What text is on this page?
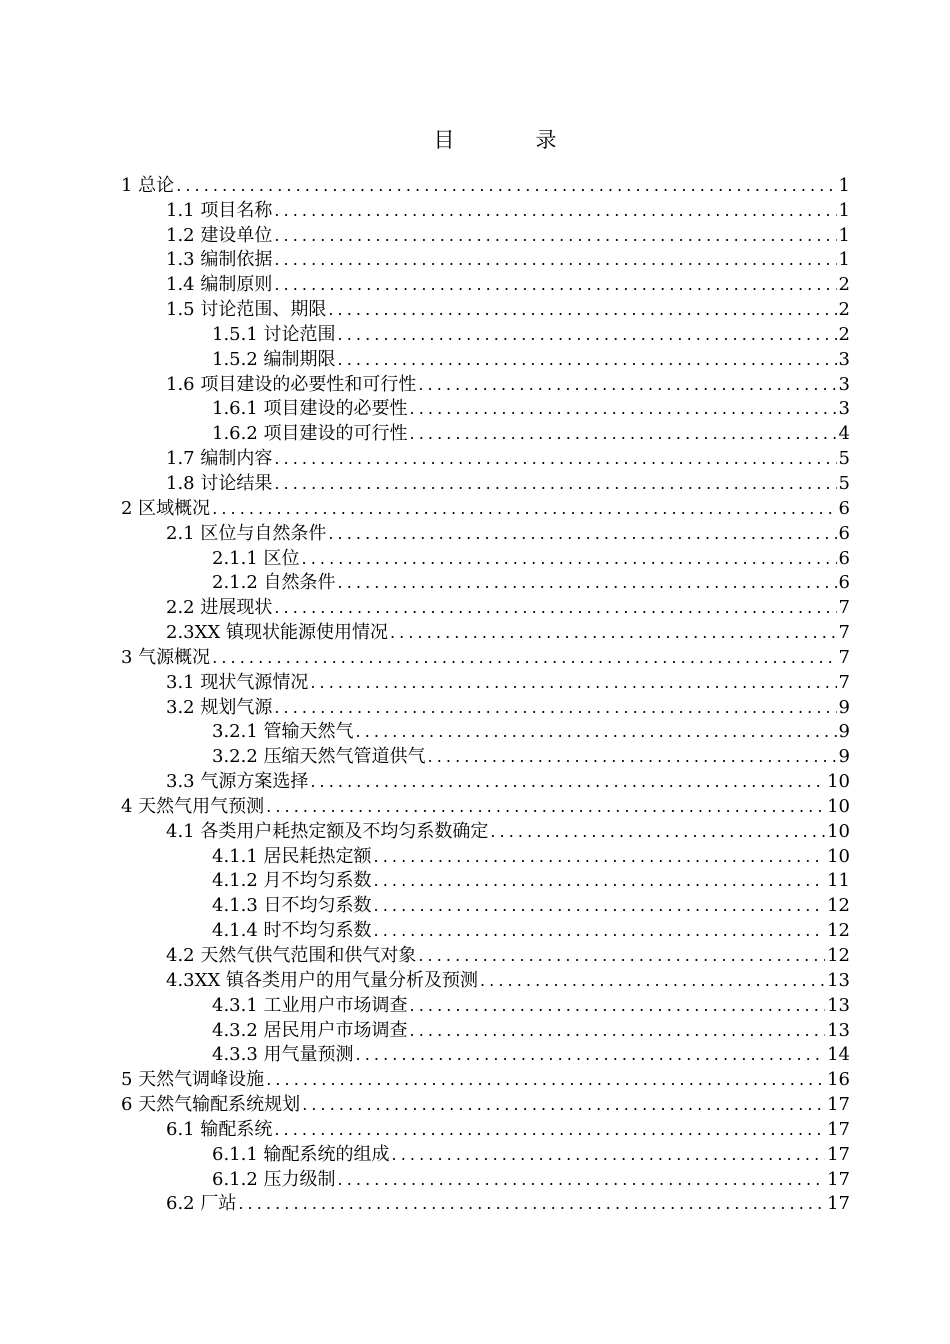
目　录
1 总论 .....	1
1.1 项目名称 .....	1
1.2 建设单位 .....	1
1.3 编制依据 .....	1
1.4 编制原则 .....	2
1.5 讨论范围、期限 .....	2
1.5.1 讨论范围 .....	2
1.5.2 编制期限 .....	3
1.6 项目建设的必要性和可行性 .....	3
1.6.1 项目建设的必要性 .....	3
1.6.2 项目建设的可行性 .....	4
1.7 编制内容 .....	5
1.8 讨论结果 .....	5
2 区域概况 .....	6
2.1 区位与自然条件 .....	6
2.1.1 区位 .....	6
2.1.2 自然条件 .....	6
2.2 进展现状 .....	7
2.3XX 镇现状能源使用情况 .....	7
3 气源概况 .....	7
3.1 现状气源情况 .....	7
3.2 规划气源 .....	9
3.2.1 管输天然气 .....	9
3.2.2 压缩天然气管道供气 .....	9
3.3 气源方案选择 .....	10
4 天然气用气预测 .....	10
4.1 各类用户耗热定额及不均匀系数确定 .....	10
4.1.1 居民耗热定额 .....	10
4.1.2 月不均匀系数 .....	11
4.1.3 日不均匀系数 .....	12
4.1.4 时不均匀系数 .....	12
4.2 天然气供气范围和供气对象 .....	12
4.3XX 镇各类用户的用气量分析及预测 .....	13
4.3.1 工业用户市场调查 .....	13
4.3.2 居民用户市场调查 .....	13
4.3.3 用气量预测 .....	14
5 天然气调峰设施 .....	16
6 天然气输配系统规划 .....	17
6.1 输配系统 .....	17
6.1.1 输配系统的组成 .....	17
6.1.2 压力级制 .....	17
6.2 厂站 .....	17
